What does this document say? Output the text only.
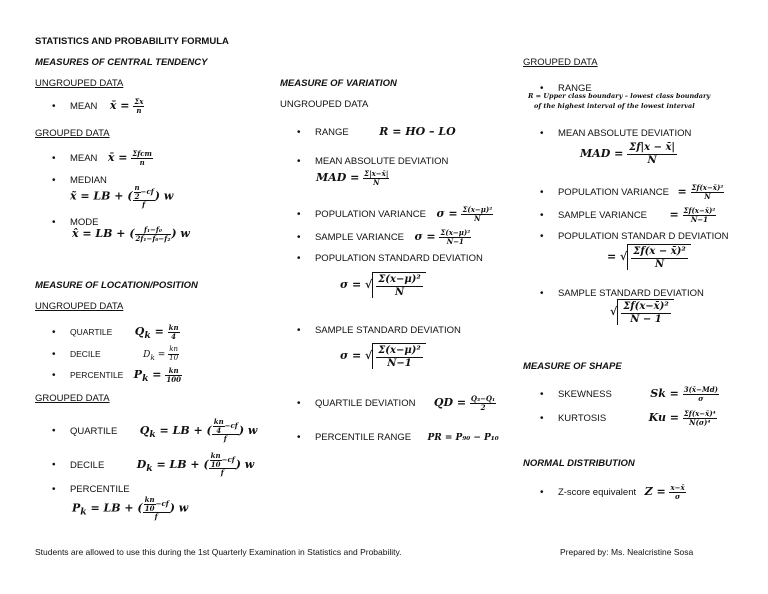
STATISTICS AND PROBABILITY FORMULA
MEASURES OF CENTRAL TENDENCY
UNGROUPED DATA
• MEAN x̄ = $\frac{\Sigma x}{n}$
GROUPED DATA
• MEAN x̄ = $\frac{\text{Σfcm}}{n}$
• MEDIAN
x̃ = LB + ( $\frac{\frac{n}{2} -cf}{f}$ ) w
• MODE
x̂ = LB + ( $\frac{\text{f₁−f₀}}{\text{2f₁−f₀−f₂}}$ ) w
MEASURE OF LOCATION/POSITION
UNGROUPED DATA
• QUARTILE $Q_k = \frac{kn}{4}$
• DECILE	$D_k = \frac{kn}{10}$
• PERCENTILE $P_k = \frac{kn}{100}$
GROUPED DATA
• QUARTILE $Q_k$ = LB + ( $\frac{\frac{kn}{4} -cf}{f}$ ) w
• DECILE	$D_k$ = LB + ( $\frac{\frac{kn}{10} -cf}{f}$ ) w
• PERCENTILE
$P_k$ = LB + ( $\frac{\frac{kn}{10} -cf}{f}$ ) w
MEASURE OF VARIATION
UNGROUPED DATA
• RANGE	R = HO – LO
• MEAN ABSOLUTE DEVIATION
MAD = $\frac{\Sigma|x-x̄|}{N}$
• POPULATION VARIANCE $\sigma = \frac{\text{Σ(x−μ)²}}{N}$
• SAMPLE VARIANCE $\sigma = \frac{\text{Σ(x−μ)²}}{N-1}$
• POPULATION STANDARD DEVIATION
σ = √ $\frac{\text{Σ(x−μ)²}}{N}$
• SAMPLE STANDARD DEVIATION
σ = √ $\frac{\text{Σ(x−μ)²}}{N-1}$
• QUARTILE DEVIATION QD = $\frac{\text{Q₃−Q₁}}{2}$
• PERCENTILE RANGE PR = P₉₀ − P₁₀
GROUPED DATA
• RANGE
R = Upper class boundary – lowest class boundary
of the highest interval of the lowest interval
• MEAN ABSOLUTE DEVIATION
MAD = $\frac{\Sigma f|x - x̄|}{N}$
• POPULATION VARIANCE = $\frac{\text{Σf(x−x̄)²}}{N}$
• SAMPLE VARIANCE = $\frac{\text{Σf(x−x̄)²}}{N-1}$
• POPULATION STANDAR D DEVIATION
= √ $\frac{\text{Σf(x − x̄)²}}{N}$
• SAMPLE STANDARD DEVIATION
√ $\frac{\text{Σf(x−x̄)²}}{N - 1}$
MEASURE OF SHAPE
• SKEWNESS	$Sk = \frac{3(x̄-Md)}{\sigma}$
• KURTOSIS	$Ku = \frac{\text{Σf(x−x̄)⁴}}{\text{N(σ)⁴}}$
NORMAL DISTRIBUTION
• Z-score equivalent $Z = \frac{x-x̄}{\sigma}$
Students are allowed to use this during the 1st Quarterly Examination in Statistics and Probability.	Prepared by: Ms. Nealcristine Sosa
